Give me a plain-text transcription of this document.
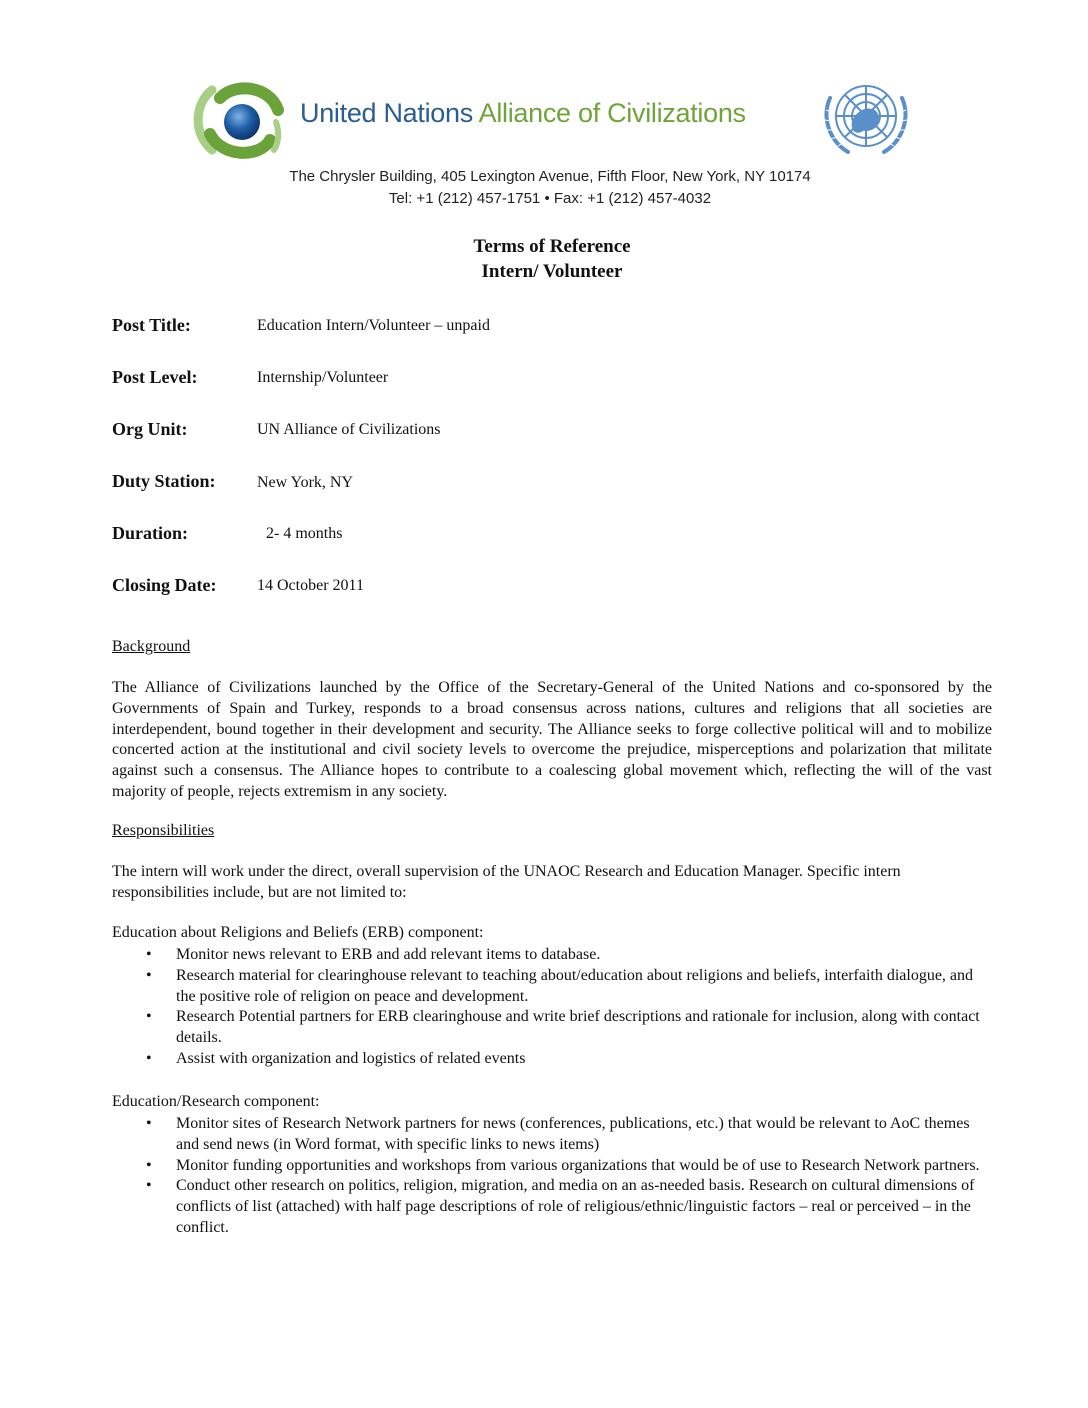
United Nations Alliance of Civilizations
The Chrysler Building, 405 Lexington Avenue, Fifth Floor, New York, NY 10174
Tel: +1 (212) 457-1751 • Fax: +1 (212) 457-4032
Terms of Reference
Intern/ Volunteer
Post Title:	Education Intern/Volunteer – unpaid
Post Level:	Internship/Volunteer
Org Unit:	UN Alliance of Civilizations
Duty Station:	New York, NY
Duration:	2- 4 months
Closing Date:	14 October 2011
Background
The Alliance of Civilizations launched by the Office of the Secretary-General of the United Nations and co-sponsored by the Governments of Spain and Turkey, responds to a broad consensus across nations, cultures and religions that all societies are interdependent, bound together in their development and security. The Alliance seeks to forge collective political will and to mobilize concerted action at the institutional and civil society levels to overcome the prejudice, misperceptions and polarization that militate against such a consensus. The Alliance hopes to contribute to a coalescing global movement which, reflecting the will of the vast majority of people, rejects extremism in any society.
Responsibilities
The intern will work under the direct, overall supervision of the UNAOC Research and Education Manager. Specific intern responsibilities include, but are not limited to:
Education about Religions and Beliefs (ERB) component:
• Monitor news relevant to ERB and add relevant items to database.
• Research material for clearinghouse relevant to teaching about/education about religions and beliefs, interfaith dialogue, and the positive role of religion on peace and development.
• Research Potential partners for ERB clearinghouse and write brief descriptions and rationale for inclusion, along with contact details.
• Assist with organization and logistics of related events
Education/Research component:
• Monitor sites of Research Network partners for news (conferences, publications, etc.) that would be relevant to AoC themes and send news (in Word format, with specific links to news items)
• Monitor funding opportunities and workshops from various organizations that would be of use to Research Network partners.
• Conduct other research on politics, religion, migration, and media on an as-needed basis. Research on cultural dimensions of conflicts of list (attached) with half page descriptions of role of religious/ethnic/linguistic factors – real or perceived – in the conflict.
